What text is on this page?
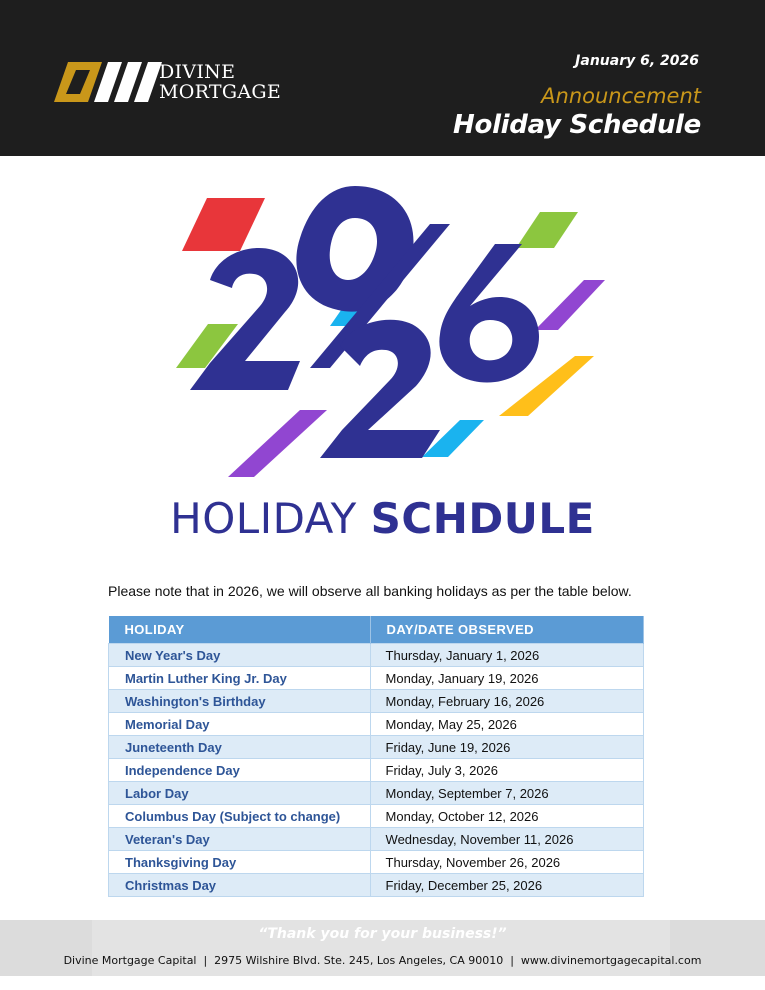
DIVINE
MORTGAGE
January 6, 2026
Announcement
Holiday Schedule
HOLIDAY SCHDULE
Please note that in 2026, we will observe all banking holidays as per the table below.
HOLIDAY	DAY/DATE OBSERVED
New Year's Day	Thursday, January 1, 2026
Martin Luther King Jr. Day	Monday, January 19, 2026
Washington's Birthday	Monday, February 16, 2026
Memorial Day	Monday, May 25, 2026
Juneteenth Day	Friday, June 19, 2026
Independence Day	Friday, July 3, 2026
Labor Day	Monday, September 7, 2026
Columbus Day (Subject to change)	Monday, October 12, 2026
Veteran's Day	Wednesday, November 11, 2026
Thanksgiving Day	Thursday, November 26, 2026
Christmas Day	Friday, December 25, 2026
“Thank you for your business!”
Divine Mortgage Capital  |  2975 Wilshire Blvd. Ste. 245, Los Angeles, CA 90010  |  www.divinemortgagecapital.com
